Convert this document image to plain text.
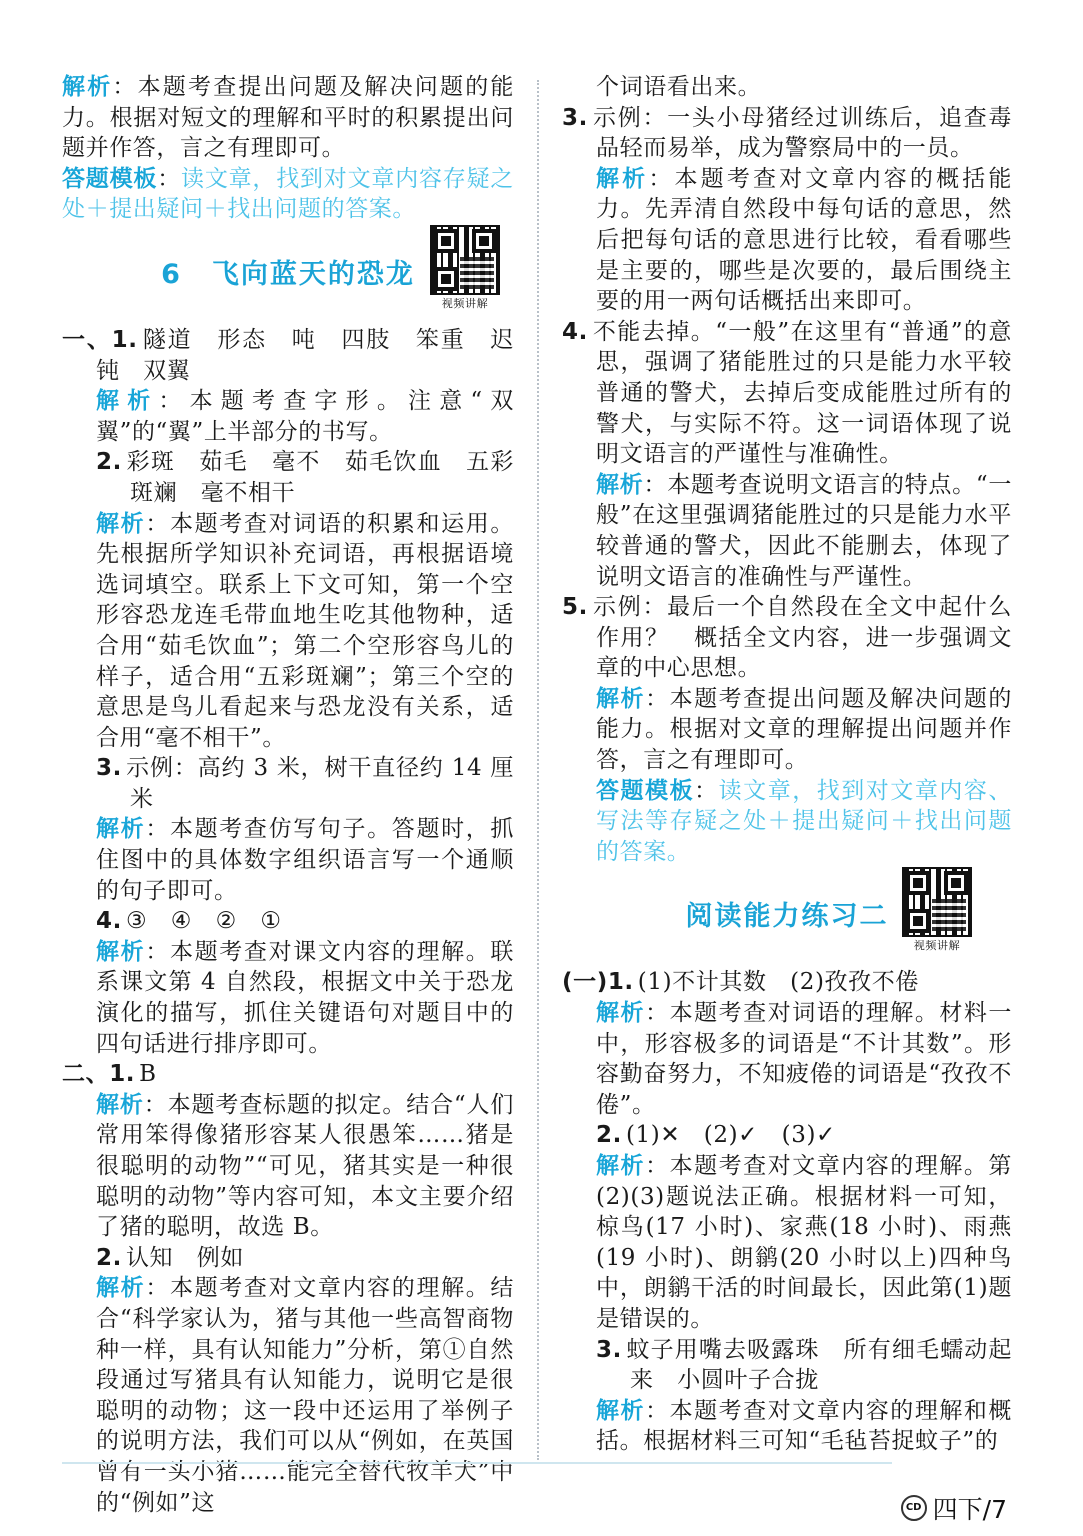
解析：本题考查提出问题及解决问题的能力。根据对短文的理解和平时的积累提出问题并作答，言之有理即可。

答题模板：读文章，找到对文章内容存疑之处＋提出疑问＋找出问题的答案。

6 飞向蓝天的恐龙
视频讲解

一、1. 隧道　形态　吨　四肢　笨重　迟钝　双翼

解析：本题考查字形。注意“双翼”的“翼”上半部分的书写。

2. 彩斑　茹毛　毫不　茹毛饮血　五彩斑斓　毫不相干

解析：本题考查对词语的积累和运用。先根据所学知识补充词语，再根据语境选词填空。联系上下文可知，第一个空形容恐龙连毛带血地生吃其他物种，适合用“茹毛饮血”；第二个空形容鸟儿的样子，适合用“五彩斑斓”；第三个空的意思是鸟儿看起来与恐龙没有关系，适合用“毫不相干”。

3. 示例：高约 3 米，树干直径约 14 厘米

解析：本题考查仿写句子。答题时，抓住图中的具体数字组织语言写一个通顺的句子即可。

4. ③　④　②　①

解析：本题考查对课文内容的理解。联系课文第 4 自然段，根据文中关于恐龙演化的描写，抓住关键语句对题目中的四句话进行排序即可。

二、1. B

解析：本题考查标题的拟定。结合“人们常用笨得像猪形容某人很愚笨……猪是很聪明的动物”“可见，猪其实是一种很聪明的动物”等内容可知，本文主要介绍了猪的聪明，故选 B。

2. 认知　例如

解析：本题考查对文章内容的理解。结合“科学家认为，猪与其他一些高智商物种一样，具有认知能力”分析，第①自然段通过写猪具有认知能力，说明它是很聪明的动物；这一段中还运用了举例子的说明方法，我们可以从“例如，在英国曾有一头小猪……能完全替代牧羊犬”中的“例如”这

个词语看出来。

3. 示例：一头小母猪经过训练后，追查毒品轻而易举，成为警察局中的一员。

解析：本题考查对文章内容的概括能力。先弄清自然段中每句话的意思，然后把每句话的意思进行比较，看看哪些是主要的，哪些是次要的，最后围绕主要的用一两句话概括出来即可。

4. 不能去掉。“一般”在这里有“普通”的意思，强调了猪能胜过的只是能力水平较普通的警犬，去掉后变成能胜过所有的警犬，与实际不符。这一词语体现了说明文语言的严谨性与准确性。

解析：本题考查说明文语言的特点。“一般”在这里强调猪能胜过的只是能力水平较普通的警犬，因此不能删去，体现了说明文语言的准确性与严谨性。

5. 示例：最后一个自然段在全文中起什么作用？　概括全文内容，进一步强调文章的中心思想。

解析：本题考查提出问题及解决问题的能力。根据对文章的理解提出问题并作答，言之有理即可。

答题模板：读文章，找到对文章内容、写法等存疑之处＋提出疑问＋找出问题的答案。

阅读能力练习二
视频讲解

(一)1. (1)不计其数　(2)孜孜不倦

解析：本题考查对词语的理解。材料一中，形容极多的词语是“不计其数”。形容勤奋努力，不知疲倦的词语是“孜孜不倦”。

2. (1)✕　(2)✓　(3)✓

解析：本题考查对文章内容的理解。第(2)(3)题说法正确。根据材料一可知，椋鸟(17 小时)、家燕(18 小时)、雨燕(19 小时)、朗鹟(20 小时以上)四种鸟中，朗鹟干活的时间最长，因此第(1)题是错误的。

3. 蚊子用嘴去吸露珠　所有细毛蠕动起来　小圆叶子合拢

解析：本题考查对文章内容的理解和概括。根据材料三可知“毛毡苔捉蚊子”的

CD 四下/7
